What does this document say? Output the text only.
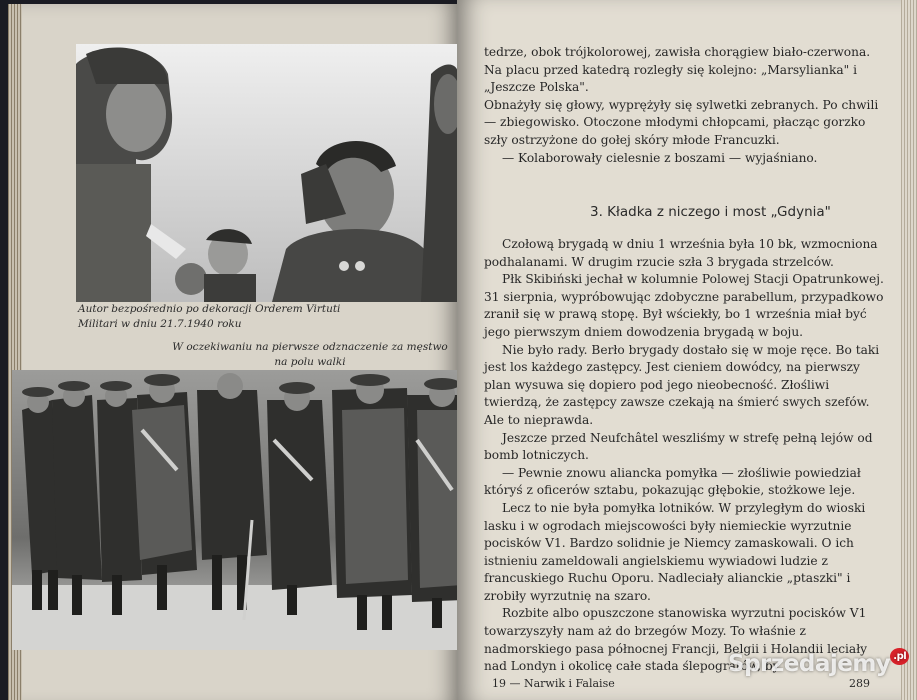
Autor bezpośrednio po dekoracji Orderem Virtuti Militari w dniu 21.7.1940 roku
W oczekiwaniu na pierwsze odznaczenie za męstwo na polu walki

tedrze, obok trójkolorowej, zawisła chorągiew biało-czerwona. Na placu przed katedrą rozległy się kolejno: „Marsylianka" i „Jeszcze Polska".

Obnażyły się głowy, wyprężyły się sylwetki zebranych. Po chwili — zbiegowisko. Otoczone młodymi chłopcami, płacząc gorzko szły ostrzyżone do gołej skóry młode Francuzki.

— Kolaborowały cielesnie z boszami — wyjaśniano.

3. Kładka z niczego i most „Gdynia"

Czołową brygadą w dniu 1 września była 10 bk, wzmocniona podhalanami. W drugim rzucie szła 3 brygada strzelców.

Płk Skibiński jechał w kolumnie Polowej Stacji Opatrunkowej. 31 sierpnia, wypróbowując zdobyczne parabellum, przypadkowo zranił się w prawą stopę. Był wściekły, bo 1 września miał być jego pierwszym dniem dowodzenia brygadą w boju.

Nie było rady. Berło brygady dostało się w moje ręce. Bo taki jest los każdego zastępcy. Jest cieniem dowódcy, na pierwszy plan wysuwa się dopiero pod jego nieobecność. Złośliwi twierdzą, że zastępcy zawsze czekają na śmierć swych szefów. Ale to nieprawda.

Jeszcze przed Neufchâtel weszliśmy w strefę pełną lejów od bomb lotniczych.

— Pewnie znowu aliancka pomyłka — złośliwie powiedział któryś z oficerów sztabu, pokazując głębokie, stożkowe leje.

Lecz to nie była pomyłka lotników. W przyległym do wioski lasku i w ogrodach miejscowości były niemieckie wyrzutnie pocisków V1. Bardzo solidnie je Niemcy zamaskowali. O ich istnieniu zameldowali angielskiemu wywiadowi ludzie z francuskiego Ruchu Oporu. Nadleciały alianckie „ptaszki" i zrobiły wyrzutnię na szaro.

Rozbite albo opuszczone stanowiska wyrzutni pocisków V1 towarzyszyły nam aż do brzegów Mozy. To właśnie z nadmorskiego pasa północnej Francji, Belgii i Holandii leciały nad Londyn i okolicę całe stada ślepogratów, by

19 — Narwik i Falaise	289
Sprzedajemy $^{.pl}$
